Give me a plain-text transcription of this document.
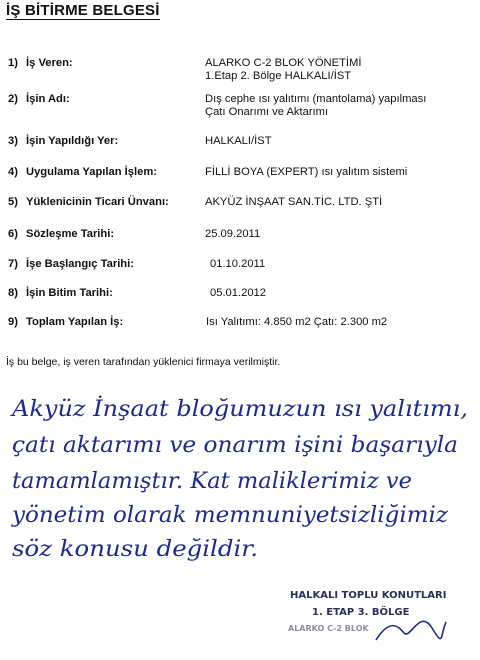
İŞ BİTİRME BELGESİ
1) İş Veren:	ALARKO C-2 BLOK YÖNETİMİ
1.Etap 2. Bölge HALKALI/İST
2) İşin Adı:	Dış cephe ısı yalıtımı (mantolama) yapılması
Çatı Onarımı ve Aktarımı
3) İşin Yapıldığı Yer:	HALKALI/İST
4) Uygulama Yapılan İşlem:	FİLLİ BOYA (EXPERT) ısı yalıtım sistemi
5) Yüklenicinin Ticari Ünvanı:	AKYÜZ İNŞAAT SAN.TİC. LTD. ŞTİ
6) Sözleşme Tarihi:	25.09.2011
7) İşe Başlangıç Tarihi:	01.10.2011
8) İşin Bitim Tarihi:	05.01.2012
9) Toplam Yapılan İş:	Isı Yalıtımı: 4.850 m2 Çatı: 2.300 m2
İş bu belge, iş veren tarafından yüklenici firmaya verilmiştir.
Akyüz İnşaat bloğumuzun ısı yalıtımı,
çatı aktarımı ve onarım işini başarıyla
tamamlamıştır. Kat maliklerimiz ve
yönetim olarak memnuniyetsizliğimiz
söz konusu değildir.
HALKALI TOPLU KONUTLARI
1. ETAP 3. BÖLGE
ALARKO C-2 BLOK
